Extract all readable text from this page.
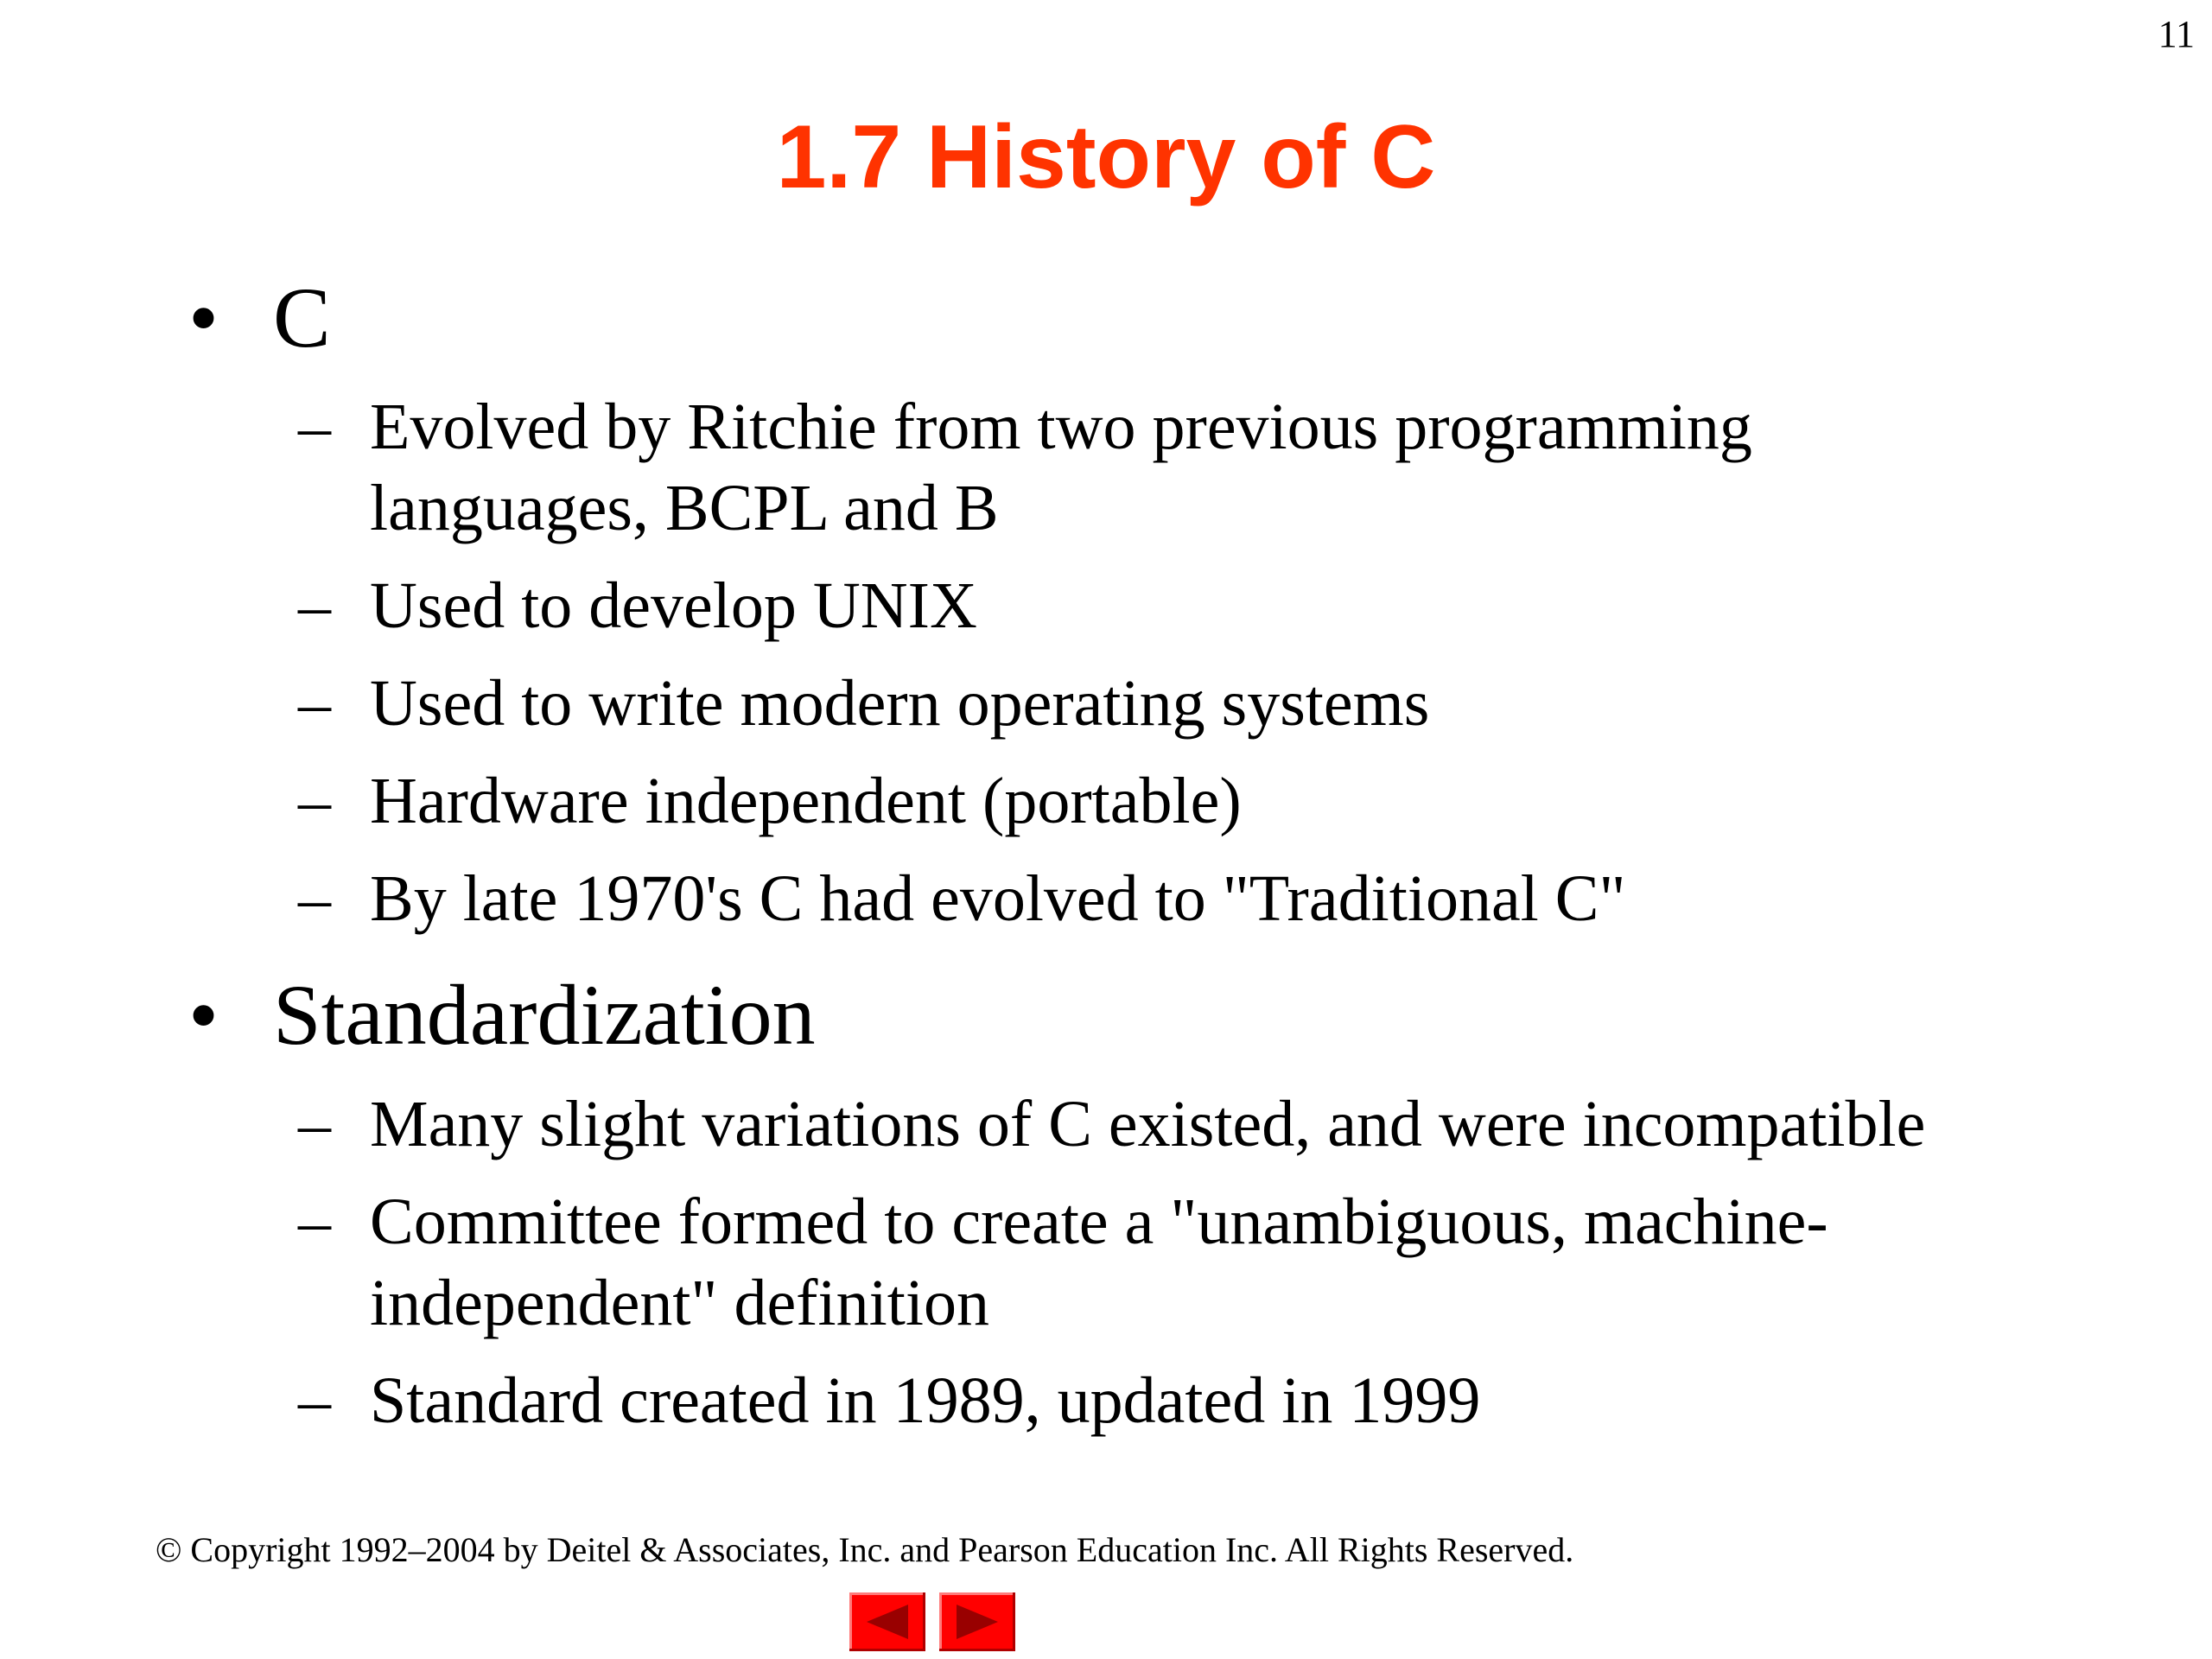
11
1.7 History of C

• C

– Evolved by Ritchie from two previous programming languages, BCPL and B
– Used to develop UNIX
– Used to write modern operating systems
– Hardware independent (portable)
– By late 1970's C had evolved to "Traditional C"

• Standardization

– Many slight variations of C existed, and were incompatible
– Committee formed to create a "unambiguous, machine-independent" definition
– Standard created in 1989, updated in 1999
© Copyright 1992–2004 by Deitel & Associates, Inc. and Pearson Education Inc. All Rights Reserved.
